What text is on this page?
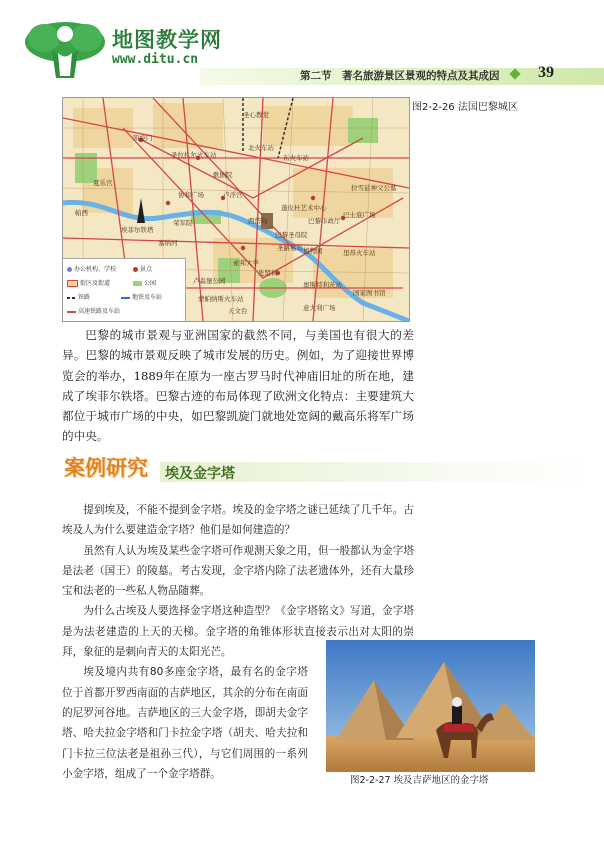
地图教学网
www.ditu.cn
第二节　著名旅游景区景观的特点及其成因 39
凯旋门
圣拉扎尔火车站
歌剧院
北火车站
东火车站
协和广场	卢浮宫
蓬皮杜艺术中心
巴黎圣母院
埃菲尔铁塔
荣军院
索邦大学
卢森堡公园
先贤祠
巴黎市政厅
巴士底广场
里昂火车站
植物园
塞纳河
奥斯特利茨站
蒙帕纳斯火车站
圣心教堂
意大利广场
夏乐宫
拉雪兹神父公墓
国家图书馆
西岱岛
圣路易岛
帕西
天文台
办公机构、学校	景点
街区及街道	公园
铁路	地铁及车站
高速铁路及车站
图2-2-26 法国巴黎城区

巴黎的城市景观与亚洲国家的截然不同，与美国也有很大的差异。巴黎的城市景观反映了城市发展的历史。例如，为了迎接世界博览会的举办，1889年在原为一座古罗马时代神庙旧址的所在地，建成了埃菲尔铁塔。巴黎古迹的布局体现了欧洲文化特点：主要建筑大都位于城市广场的中央，如巴黎凯旋门就地处宽阔的戴高乐将军广场的中央。

案例研究 埃及金字塔

提到埃及，不能不提到金字塔。埃及的金字塔之谜已延续了几千年。古埃及人为什么要建造金字塔？他们是如何建造的？

虽然有人认为埃及某些金字塔可作观测天象之用，但一般都认为金字塔是法老（国王）的陵墓。考古发现，金字塔内除了法老遗体外，还有大量珍宝和法老的一些私人物品随葬。

为什么古埃及人要选择金字塔这种造型？《金字塔铭文》写道，金字塔是为法老建造的上天的天梯。金字塔的角锥体形状直接表示出对太阳的崇拜，象征的是刺向青天的太阳光芒。

埃及境内共有80多座金字塔，最有名的金字塔位于首都开罗西南面的吉萨地区，其余的分布在南面的尼罗河谷地。吉萨地区的三大金字塔，即胡夫金字塔、哈夫拉金字塔和门卡拉金字塔（胡夫、哈夫拉和门卡拉三位法老是祖孙三代），与它们周围的一系列小金字塔，组成了一个金字塔群。

图2-2-27 埃及吉萨地区的金字塔
